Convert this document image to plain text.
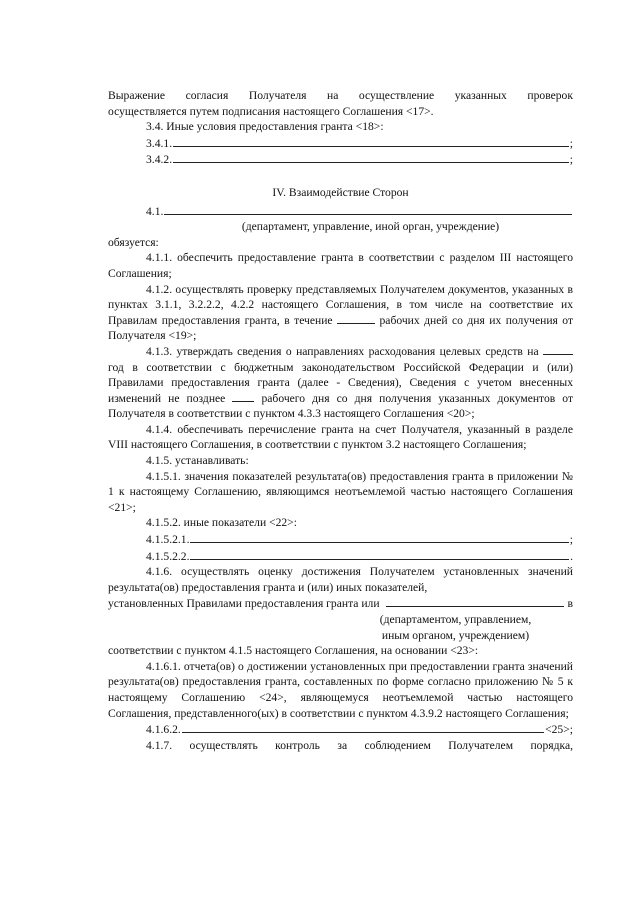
Выражение согласия Получателя на осуществление указанных проверок

осуществляется путем подписания настоящего Соглашения <17>.

3.4. Иные условия предоставления гранта <18>:

3.4.1.	;
3.4.2.	;

IV. Взаимодействие Сторон

4.1.

(департамент, управление, иной орган, учреждение)

обязуется:

4.1.1. обеспечить предоставление гранта в соответствии с разделом III настоящего Соглашения;

4.1.2. осуществлять проверку представляемых Получателем документов, указанных в пунктах 3.1.1, 3.2.2.2, 4.2.2 настоящего Соглашения, в том числе на соответствие их Правилам предоставления гранта, в течение	рабочих дней со дня их получения от Получателя <19>;

4.1.3. утверждать сведения о направлениях расходования целевых средств на  год в соответствии с бюджетным законодательством Российской Федерации и (или) Правилами предоставления гранта (далее - Сведения), Сведения с учетом внесенных изменений не позднее	рабочего дня со дня получения указанных документов от Получателя в соответствии с пунктом 4.3.3 настоящего Соглашения <20>;

4.1.4. обеспечивать перечисление гранта на счет Получателя, указанный в разделе VIII настоящего Соглашения, в соответствии с пунктом 3.2 настоящего Соглашения;

4.1.5. устанавливать:

4.1.5.1. значения показателей результата(ов) предоставления гранта в приложении № 1 к настоящему Соглашению, являющимся неотъемлемой частью настоящего Соглашения <21>;

4.1.5.2. иные показатели <22>:

4.1.5.2.1.	;
4.1.5.2.2.	.

4.1.6. осуществлять оценку достижения Получателем установленных значений результата(ов) предоставления гранта и (или) иных показателей,

установленных Правилами предоставления гранта или	в

(департаментом, управлением,

иным органом, учреждением)

соответствии с пунктом 4.1.5 настоящего Соглашения, на основании <23>:

4.1.6.1. отчета(ов) о достижении установленных при предоставлении гранта значений результата(ов) предоставления гранта, составленных по форме согласно приложению № 5 к настоящему Соглашению <24>, являющемуся неотъемлемой частью настоящего Соглашения, представленного(ых) в соответствии с пунктом 4.3.9.2 настоящего Соглашения;

4.1.6.2.	<25>;

4.1.7. осуществлять контроль за соблюдением Получателем порядка,
